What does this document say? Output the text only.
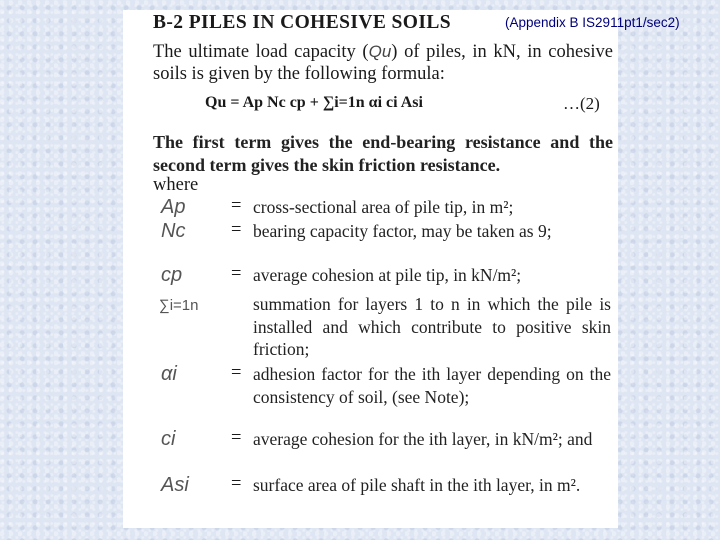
B-2 PILES IN COHESIVE SOILS
The ultimate load capacity (Qu) of piles, in kN, in cohesive soils is given by the following formula:
Qu = Ap Nc cp + ∑i=1n αi ci Asi	…(2)
The first term gives the end-bearing resistance and the second term gives the skin friction resistance.
where
Ap = cross-sectional area of pile tip, in m²;
Nc = bearing capacity factor, may be taken as 9;
cp	= average cohesion at pile tip, in kN/m²;
∑i=1n	summation for layers 1 to n in which the pile is installed and which contribute to positive skin friction;
αi	= adhesion factor for the ith layer depending on the consistency of soil, (see Note);
ci	= average cohesion for the ith layer, in kN/m²; and
Asi = surface area of pile shaft in the ith layer, in m².
(Appendix B IS2911pt1/sec2)
